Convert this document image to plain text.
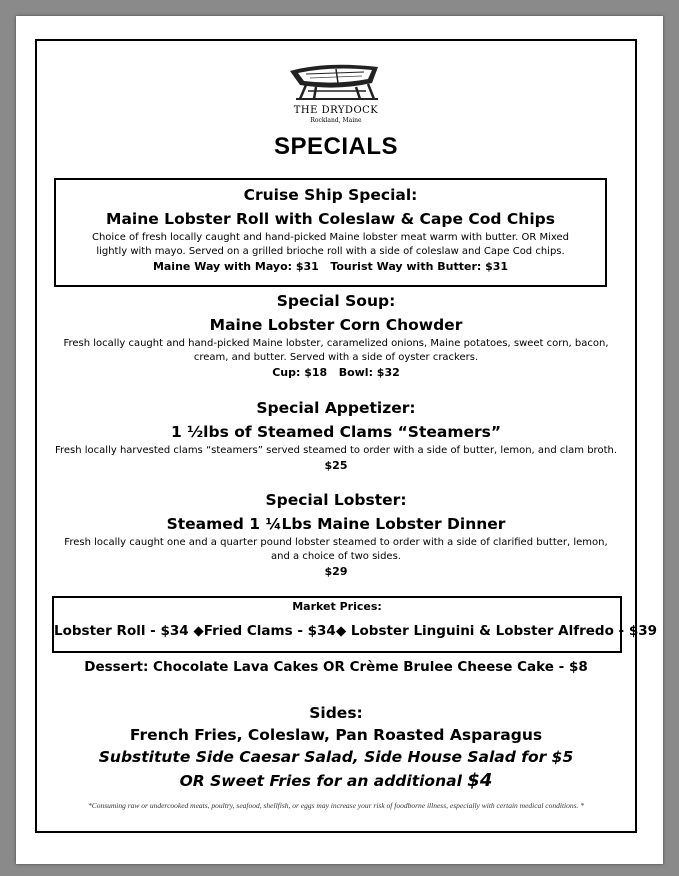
THE DRYDOCK
Rockland, Maine
SPECIALS
Cruise Ship Special:
Maine Lobster Roll with Coleslaw & Cape Cod Chips
Choice of fresh locally caught and hand-picked Maine lobster meat warm with butter. OR Mixed
lightly with mayo. Served on a grilled brioche roll with a side of coleslaw and Cape Cod chips.
Maine Way with Mayo: $31   Tourist Way with Butter: $31
Special Soup:
Maine Lobster Corn Chowder
Fresh locally caught and hand-picked Maine lobster, caramelized onions, Maine potatoes, sweet corn, bacon,
cream, and butter. Served with a side of oyster crackers.
Cup: $18   Bowl: $32
Special Appetizer:
1 ½lbs of Steamed Clams “Steamers”
Fresh locally harvested clams “steamers” served steamed to order with a side of butter, lemon, and clam broth.
$25
Special Lobster:
Steamed 1 ¼Lbs Maine Lobster Dinner
Fresh locally caught one and a quarter pound lobster steamed to order with a side of clarified butter, lemon,
and a choice of two sides.
$29
Market Prices:
Lobster Roll - $34 ◆Fried Clams - $34◆ Lobster Linguini & Lobster Alfredo - $39
Dessert: Chocolate Lava Cakes OR Crème Brulee Cheese Cake - $8
Sides:
French Fries, Coleslaw, Pan Roasted Asparagus
Substitute Side Caesar Salad, Side House Salad for $5
OR Sweet Fries for an additional $4
*Consuming raw or undercooked meats, poultry, seafood, shellfish, or eggs may increase your risk of foodborne illness, especially with certain medical conditions. *
